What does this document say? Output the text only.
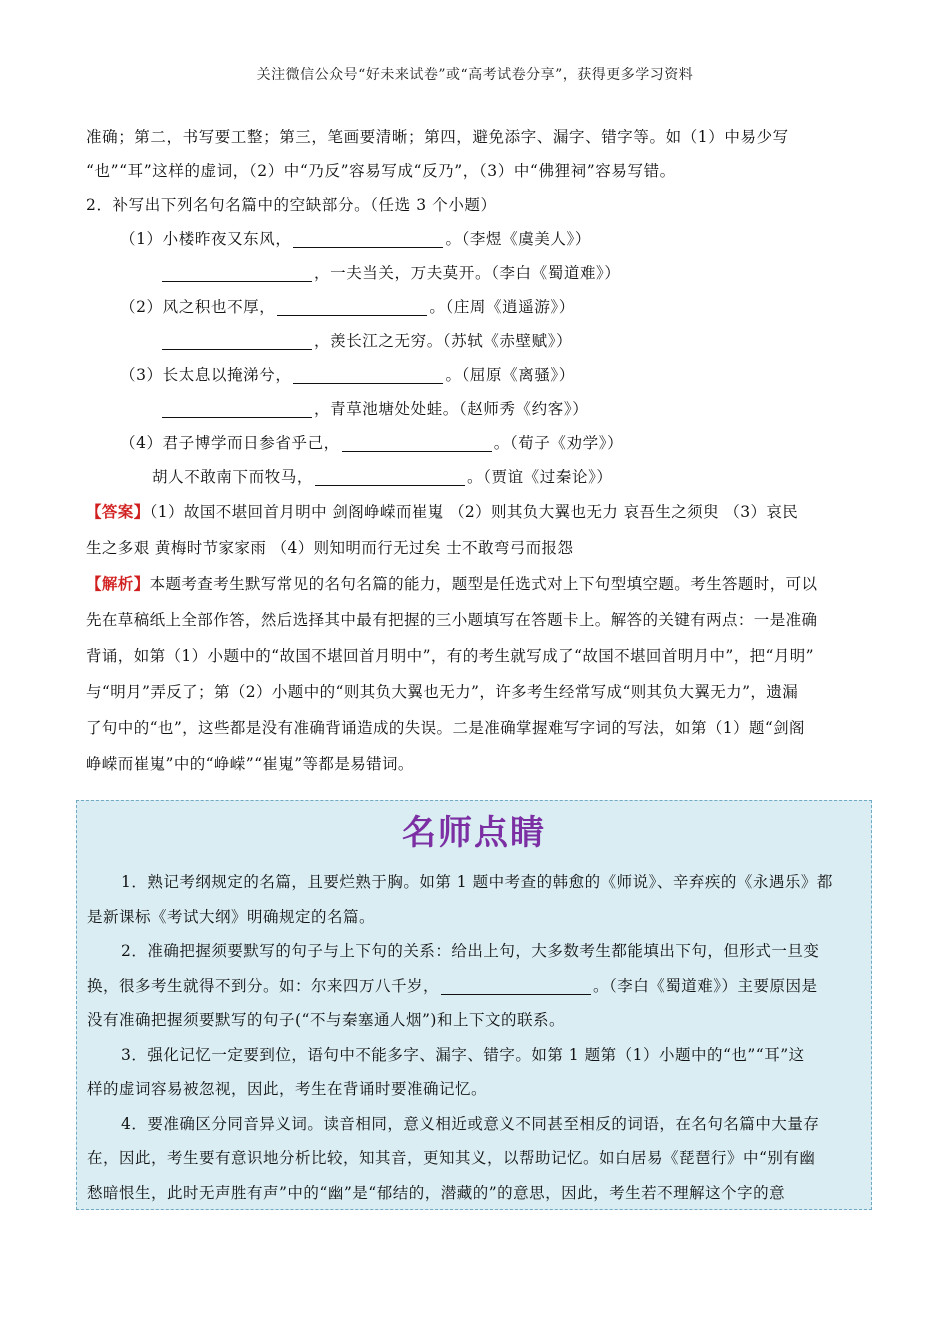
关注微信公众号“好未来试卷”或“高考试卷分享”，获得更多学习资料
准确；第二，书写要工整；第三，笔画要清晰；第四，避免添字、漏字、错字等。如（1）中易少写
“也”“耳”这样的虚词，（2）中“乃反”容易写成“反乃”，（3）中“佛狸祠”容易写错。
2．补写出下列名句名篇中的空缺部分。（任选 3 个小题）
（1）小楼昨夜又东风，	。（李煜《虞美人》）
，一夫当关，万夫莫开。（李白《蜀道难》）
（2）风之积也不厚，	。（庄周《逍遥游》）
，羡长江之无穷。（苏轼《赤壁赋》）
（3）长太息以掩涕兮，	。（屈原《离骚》）
，青草池塘处处蛙。（赵师秀《约客》）
（4）君子博学而日参省乎己，	。（荀子《劝学》）
胡人不敢南下而牧马，	。（贾谊《过秦论》）
【答案】（1）故国不堪回首月明中 剑阁峥嵘而崔嵬 （2）则其负大翼也无力 哀吾生之须臾 （3）哀民
生之多艰 黄梅时节家家雨 （4）则知明而行无过矣 士不敢弯弓而报怨
【解析】本题考查考生默写常见的名句名篇的能力，题型是任选式对上下句型填空题。考生答题时，可以
先在草稿纸上全部作答，然后选择其中最有把握的三小题填写在答题卡上。解答的关键有两点：一是准确
背诵，如第（1）小题中的“故国不堪回首月明中”，有的考生就写成了“故国不堪回首明月中”，把“月明”
与“明月”弄反了；第（2）小题中的“则其负大翼也无力”，许多考生经常写成“则其负大翼无力”，遗漏
了句中的“也”，这些都是没有准确背诵造成的失误。二是准确掌握难写字词的写法，如第（1）题“剑阁
峥嵘而崔嵬”中的“峥嵘”“崔嵬”等都是易错词。
名师点睛
1．熟记考纲规定的名篇，且要烂熟于胸。如第 1 题中考查的韩愈的《师说》、辛弃疾的《永遇乐》都
是新课标《考试大纲》明确规定的名篇。
2．准确把握须要默写的句子与上下句的关系：给出上句，大多数考生都能填出下句，但形式一旦变
换，很多考生就得不到分。如：尔来四万八千岁，	。（李白《蜀道难》）主要原因是
没有准确把握须要默写的句子(“不与秦塞通人烟”)和上下文的联系。
3．强化记忆一定要到位，语句中不能多字、漏字、错字。如第 1 题第（1）小题中的“也”“耳”这
样的虚词容易被忽视，因此，考生在背诵时要准确记忆。
4．要准确区分同音异义词。读音相同，意义相近或意义不同甚至相反的词语，在名句名篇中大量存
在，因此，考生要有意识地分析比较，知其音，更知其义，以帮助记忆。如白居易《琵琶行》中“别有幽
愁暗恨生，此时无声胜有声”中的“幽”是“郁结的，潜藏的”的意思，因此，考生若不理解这个字的意
